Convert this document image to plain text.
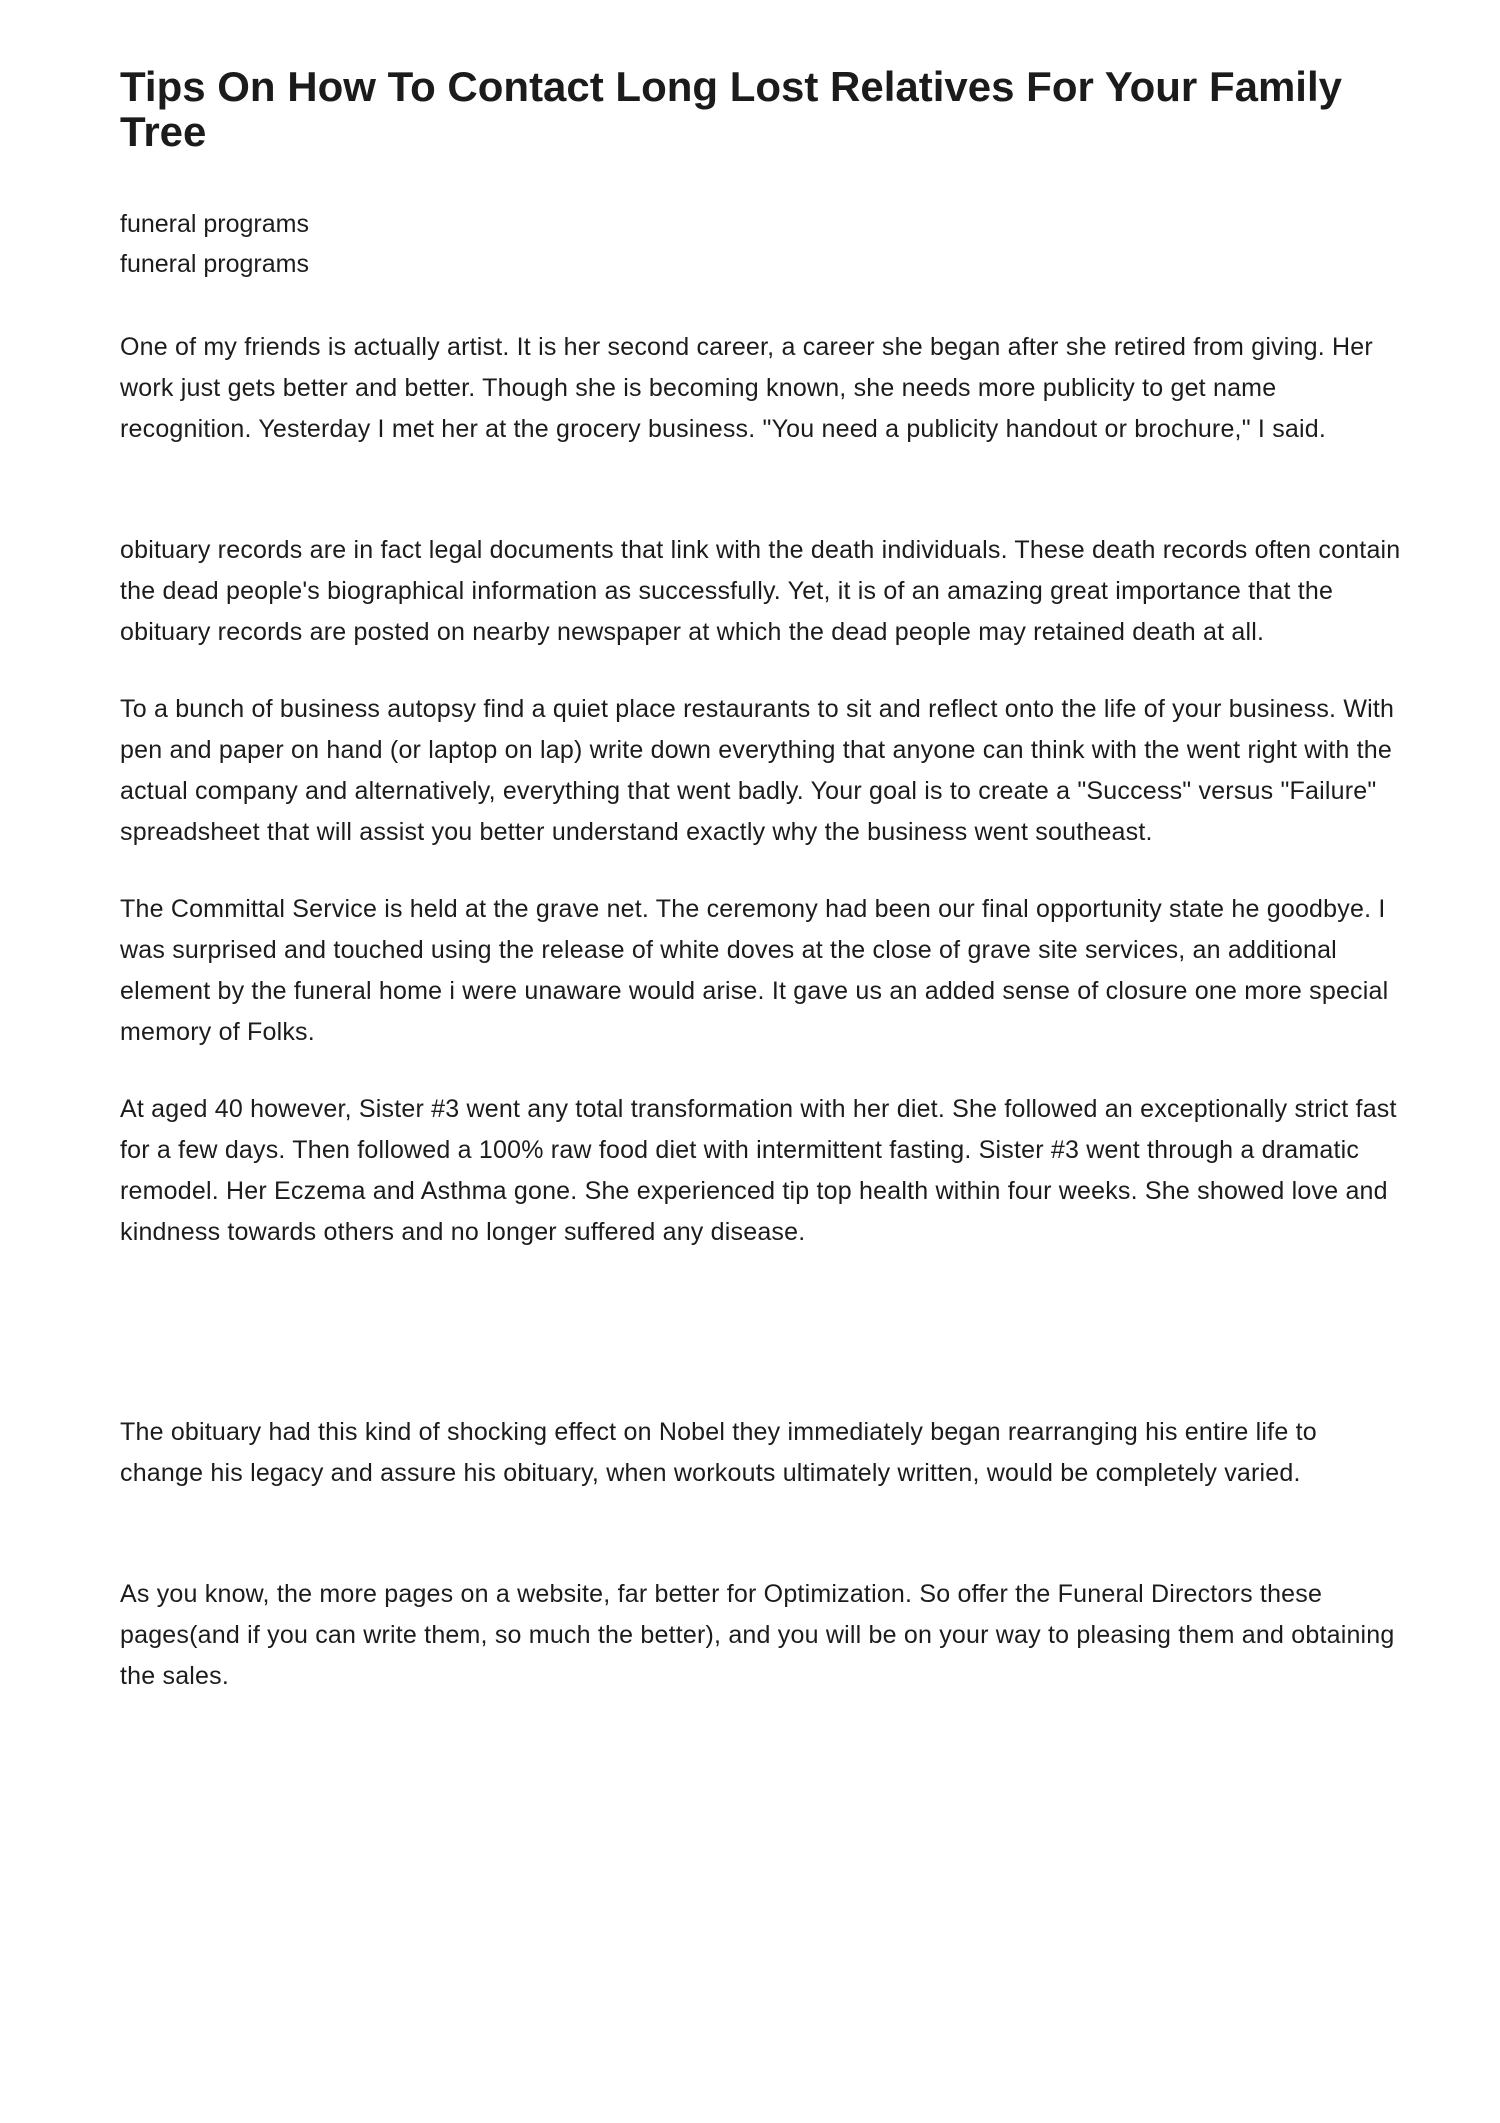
Tips On How To Contact Long Lost Relatives For Your Family Tree
funeral programs
funeral programs

One of my friends is actually artist. It is her second career, a career she began after she retired from giving. Her work just gets better and better. Though she is becoming known, she needs more publicity to get name recognition. Yesterday I met her at the grocery business. "You need a publicity handout or brochure," I said.

obituary records are in fact legal documents that link with the death individuals. These death records often contain the dead people's biographical information as successfully. Yet, it is of an amazing great importance that the obituary records are posted on nearby newspaper at which the dead people may retained death at all.

To a bunch of business autopsy find a quiet place restaurants to sit and reflect onto the life of your business. With pen and paper on hand (or laptop on lap) write down everything that anyone can think with the went right with the actual company and alternatively, everything that went badly. Your goal is to create a "Success" versus "Failure" spreadsheet that will assist you better understand exactly why the business went southeast.

The Committal Service is held at the grave net. The ceremony had been our final opportunity state he goodbye. I was surprised and touched using the release of white doves at the close of grave site services, an additional element by the funeral home i were unaware would arise. It gave us an added sense of closure one more special memory of Folks.

At aged 40 however, Sister #3 went any total transformation with her diet. She followed an exceptionally strict fast for a few days. Then followed a 100% raw food diet with intermittent fasting. Sister #3 went through a dramatic remodel. Her Eczema and Asthma gone. She experienced tip top health within four weeks. She showed love and kindness towards others and no longer suffered any disease.

The obituary had this kind of shocking effect on Nobel they immediately began rearranging his entire life to change his legacy and assure his obituary, when workouts ultimately written, would be completely varied.

As you know, the more pages on a website, far better for Optimization. So offer the Funeral Directors these pages(and if you can write them, so much the better), and you will be on your way to pleasing them and obtaining the sales.
